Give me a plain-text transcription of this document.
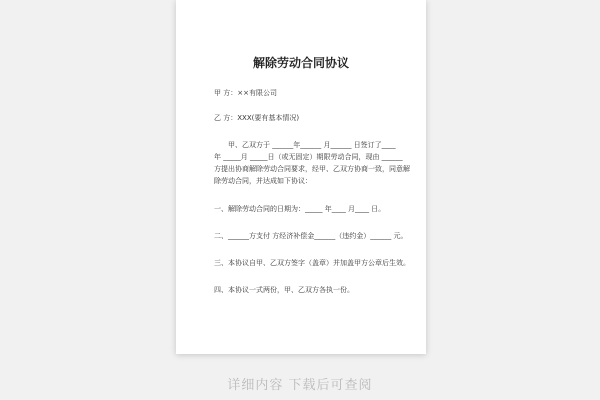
解除劳动合同协议
甲 方：××有限公司
乙 方：XXX(要有基本情况)
甲、乙双方于 ______年______ 月______ 日签订了____
年 _____月 _____日（或无固定）期限劳动合同，现由 ______
方提出协商解除劳动合同要求，经甲、乙双方协商一致，同意解
除劳动合同，并达成如下协议：
一、解除劳动合同的日期为：_____ 年____ 月____ 日。
二、______方支付 方经济补偿金______（违约金）______ 元。
三、本协议自甲、乙双方签字（盖章）并加盖甲方公章后生效。
四、本协议一式两份，甲、乙双方各执一份。
详细内容 下载后可查阅
